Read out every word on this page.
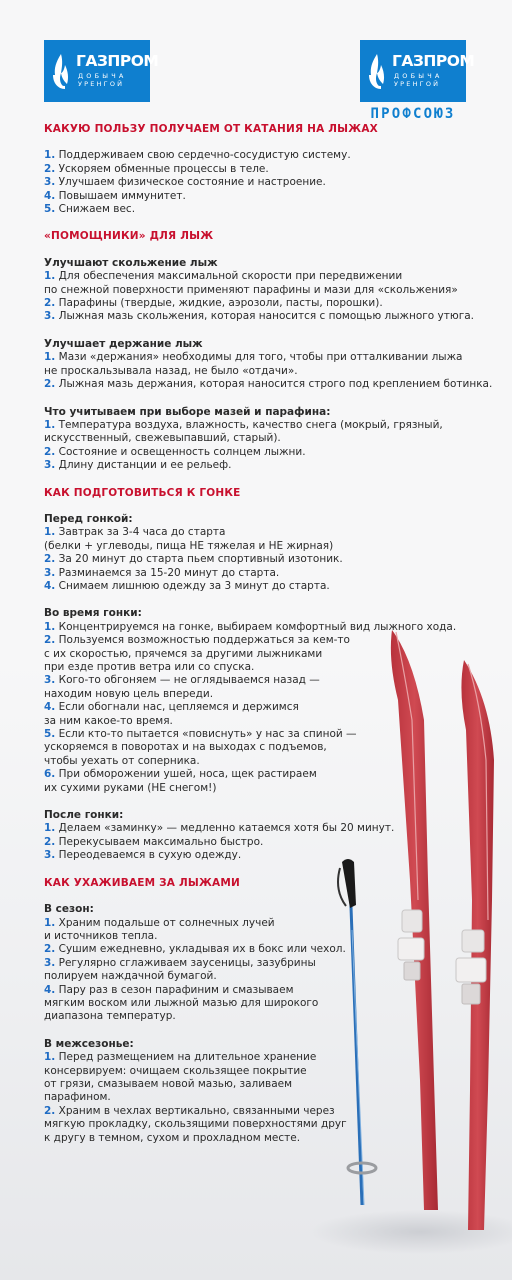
ГАЗПРОМ
ДОБЫЧА
УРЕНГОЙ
ГАЗПРОМ
ДОБЫЧА
УРЕНГОЙ
ПРОФСОЮЗ
КАКУЮ ПОЛЬЗУ ПОЛУЧАЕМ ОТ КАТАНИЯ НА ЛЫЖАХ
1. Поддерживаем свою сердечно-сосудистую систему.
2. Ускоряем обменные процессы в теле.
3. Улучшаем физическое состояние и настроение.
4. Повышаем иммунитет.
5. Снижаем вес.
«ПОМОЩНИКИ» ДЛЯ ЛЫЖ
Улучшают скольжение лыж
1. Для обеспечения максимальной скорости при передвижении
по снежной поверхности применяют парафины и мази для «скольжения»
2. Парафины (твердые, жидкие, аэрозоли, пасты, порошки).
3. Лыжная мазь скольжения, которая наносится с помощью лыжного утюга.
Улучшает держание лыж
1. Мази «держания» необходимы для того, чтобы при отталкивании лыжа
не проскальзывала назад, не было «отдачи».
2. Лыжная мазь держания, которая наносится строго под креплением ботинка.
Что учитываем при выборе мазей и парафина:
1. Температура воздуха, влажность, качество снега (мокрый, грязный,
искусственный, свежевыпавший, старый).
2. Состояние и освещенность солнцем лыжни.
3. Длину дистанции и ее рельеф.
КАК ПОДГОТОВИТЬСЯ К ГОНКЕ
Перед гонкой:
1. Завтрак за 3-4 часа до старта
(белки + углеводы, пища НЕ тяжелая и НЕ жирная)
2. За 20 минут до старта пьем спортивный изотоник.
3. Разминаемся за 15-20 минут до старта.
4. Снимаем лишнюю одежду за 3 минут до старта.
Во время гонки:
1. Концентрируемся на гонке, выбираем комфортный вид лыжного хода.
2. Пользуемся возможностью поддержаться за кем-то
с их скоростью, прячемся за другими лыжниками
при езде против ветра или со спуска.
3. Кого-то обгоняем — не оглядываемся назад —
находим новую цель впереди.
4. Если обогнали нас, цепляемся и держимся
за ним какое-то время.
5. Если кто-то пытается «повиснуть» у нас за спиной —
ускоряемся в поворотах и на выходах с подъемов,
чтобы уехать от соперника.
6. При обморожении ушей, носа, щек растираем
их сухими руками (НЕ снегом!)
После гонки:
1. Делаем «заминку» — медленно катаемся хотя бы 20 минут.
2. Перекусываем максимально быстро.
3. Переодеваемся в сухую одежду.
КАК УХАЖИВАЕМ ЗА ЛЫЖАМИ
В сезон:
1. Храним подальше от солнечных лучей
и источников тепла.
2. Сушим ежедневно, укладывая их в бокс или чехол.
3. Регулярно сглаживаем заусеницы, зазубрины
полируем наждачной бумагой.
4. Пару раз в сезон парафиним и смазываем
мягким воском или лыжной мазью для широкого
диапазона температур.
В межсезонье:
1. Перед размещением на длительное хранение
консервируем: очищаем скользящее покрытие
от грязи, смазываем новой мазью, заливаем
парафином.
2. Храним в чехлах вертикально, связанными через
мягкую прокладку, скользящими поверхностями друг
к другу в темном, сухом и прохладном месте.
